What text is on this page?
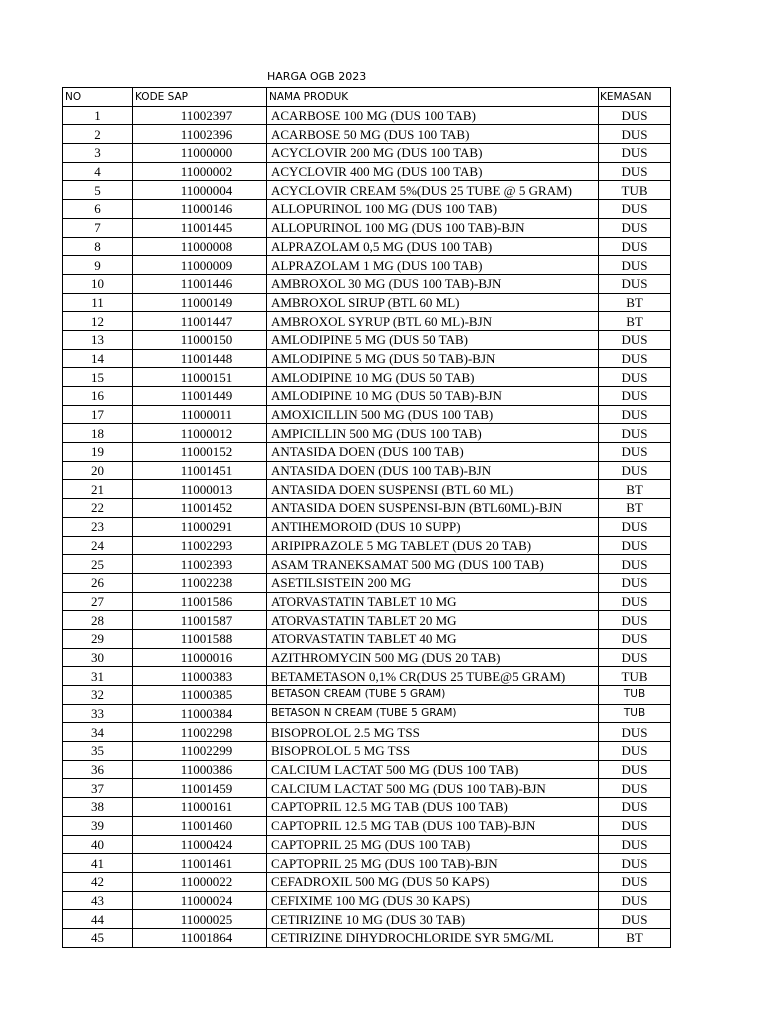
HARGA OGB 2023
NO	KODE SAP	NAMA PRODUK	KEMASAN
1	11002397	ACARBOSE 100 MG (DUS 100 TAB)	DUS
2	11002396	ACARBOSE 50 MG (DUS 100 TAB)	DUS
3	11000000	ACYCLOVIR 200 MG (DUS 100 TAB)	DUS
4	11000002	ACYCLOVIR 400 MG (DUS 100 TAB)	DUS
5	11000004	ACYCLOVIR CREAM 5%(DUS 25 TUBE @ 5 GRAM)	TUB
6	11000146	ALLOPURINOL 100 MG (DUS 100 TAB)	DUS
7	11001445	ALLOPURINOL 100 MG (DUS 100 TAB)-BJN	DUS
8	11000008	ALPRAZOLAM 0,5 MG (DUS 100 TAB)	DUS
9	11000009	ALPRAZOLAM 1 MG (DUS 100 TAB)	DUS
10	11001446	AMBROXOL 30 MG (DUS 100 TAB)-BJN	DUS
11	11000149	AMBROXOL SIRUP (BTL 60 ML)	BT
12	11001447	AMBROXOL SYRUP (BTL 60 ML)-BJN	BT
13	11000150	AMLODIPINE 5 MG (DUS 50 TAB)	DUS
14	11001448	AMLODIPINE 5 MG (DUS 50 TAB)-BJN	DUS
15	11000151	AMLODIPINE 10 MG (DUS 50 TAB)	DUS
16	11001449	AMLODIPINE 10 MG (DUS 50 TAB)-BJN	DUS
17	11000011	AMOXICILLIN 500 MG (DUS 100 TAB)	DUS
18	11000012	AMPICILLIN 500 MG (DUS 100 TAB)	DUS
19	11000152	ANTASIDA DOEN (DUS 100 TAB)	DUS
20	11001451	ANTASIDA DOEN (DUS 100 TAB)-BJN	DUS
21	11000013	ANTASIDA DOEN SUSPENSI (BTL 60 ML)	BT
22	11001452	ANTASIDA DOEN SUSPENSI-BJN (BTL60ML)-BJN	BT
23	11000291	ANTIHEMOROID (DUS 10 SUPP)	DUS
24	11002293	ARIPIPRAZOLE 5 MG TABLET (DUS 20 TAB)	DUS
25	11002393	ASAM TRANEKSAMAT 500 MG (DUS 100 TAB)	DUS
26	11002238	ASETILSISTEIN 200 MG	DUS
27	11001586	ATORVASTATIN TABLET 10 MG	DUS
28	11001587	ATORVASTATIN TABLET 20 MG	DUS
29	11001588	ATORVASTATIN TABLET 40 MG	DUS
30	11000016	AZITHROMYCIN 500 MG (DUS 20 TAB)	DUS
31	11000383	BETAMETASON 0,1% CR(DUS 25 TUBE@5 GRAM)	TUB
32	11000385	BETASON CREAM (TUBE 5 GRAM)	TUB
33	11000384	BETASON N CREAM (TUBE 5 GRAM)	TUB
34	11002298	BISOPROLOL 2.5 MG TSS	DUS
35	11002299	BISOPROLOL 5 MG TSS	DUS
36	11000386	CALCIUM LACTAT 500 MG (DUS 100 TAB)	DUS
37	11001459	CALCIUM LACTAT 500 MG (DUS 100 TAB)-BJN	DUS
38	11000161	CAPTOPRIL 12.5 MG TAB (DUS 100 TAB)	DUS
39	11001460	CAPTOPRIL 12.5 MG TAB (DUS 100 TAB)-BJN	DUS
40	11000424	CAPTOPRIL 25 MG (DUS 100 TAB)	DUS
41	11001461	CAPTOPRIL 25 MG (DUS 100 TAB)-BJN	DUS
42	11000022	CEFADROXIL 500 MG (DUS 50 KAPS)	DUS
43	11000024	CEFIXIME 100 MG (DUS 30 KAPS)	DUS
44	11000025	CETIRIZINE 10 MG (DUS 30 TAB)	DUS
45	11001864	CETIRIZINE DIHYDROCHLORIDE SYR 5MG/ML	BT
